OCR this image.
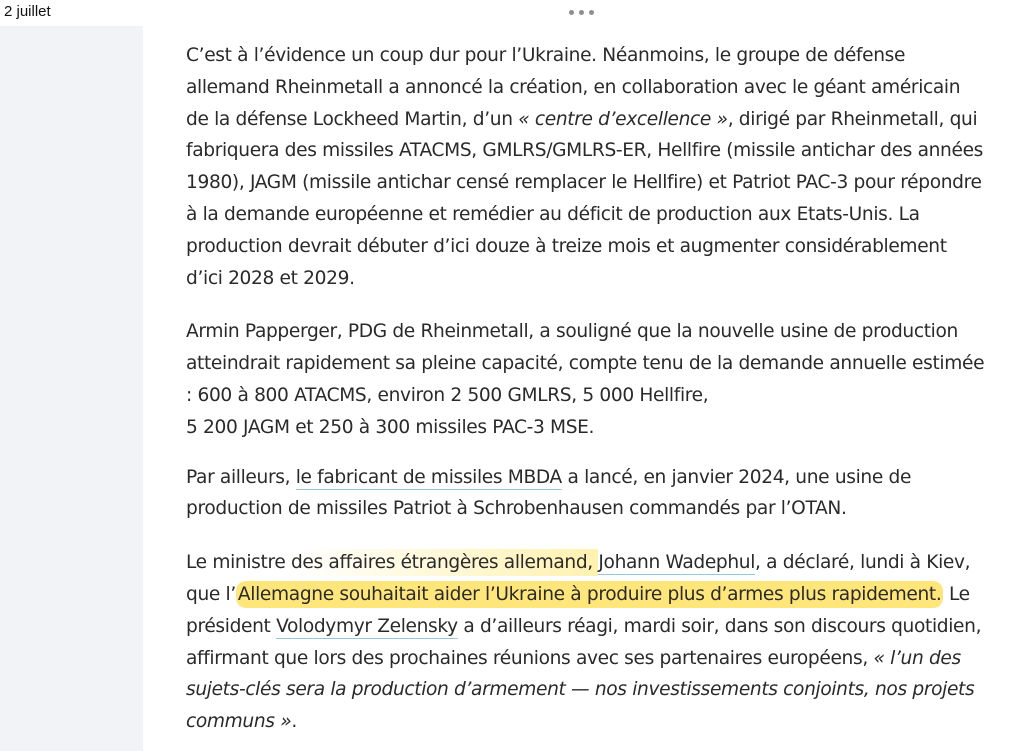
2 juillet

C’est à l’évidence un coup dur pour l’Ukraine. Néanmoins, le groupe de défense allemand Rheinmetall a annoncé la création, en collaboration avec le géant américain de la défense Lockheed Martin, d’un « centre d’excellence », dirigé par Rheinmetall, qui fabriquera des missiles ATACMS, GMLRS/GMLRS-ER, Hellfire (missile antichar des années 1980), JAGM (missile antichar censé remplacer le Hellfire) et Patriot PAC-3 pour répondre à la demande européenne et remédier au déficit de production aux Etats-Unis. La production devrait débuter d’ici douze à treize mois et augmenter considérablement d’ici 2028 et 2029.

Armin Papperger, PDG de Rheinmetall, a souligné que la nouvelle usine de production atteindrait rapidement sa pleine capacité, compte tenu de la demande annuelle estimée : 600 à 800 ATACMS, environ 2 500 GMLRS, 5 000 Hellfire,
5 200 JAGM et 250 à 300 missiles PAC-3 MSE.

Par ailleurs, le fabricant de missiles MBDA a lancé, en janvier 2024, une usine de production de missiles Patriot à Schrobenhausen commandés par l’OTAN.

Le ministre des affaires étrangères allemand, Johann Wadephul, a déclaré, lundi à Kiev, que l’ Allemagne souhaitait aider l’Ukraine à produire plus d’armes plus rapidement. Le président Volodymyr Zelensky a d’ailleurs réagi, mardi soir, dans son discours quotidien, affirmant que lors des prochaines réunions avec ses partenaires européens, « l’un des sujets-clés sera la production d’armement — nos investissements conjoints, nos projets communs ».
